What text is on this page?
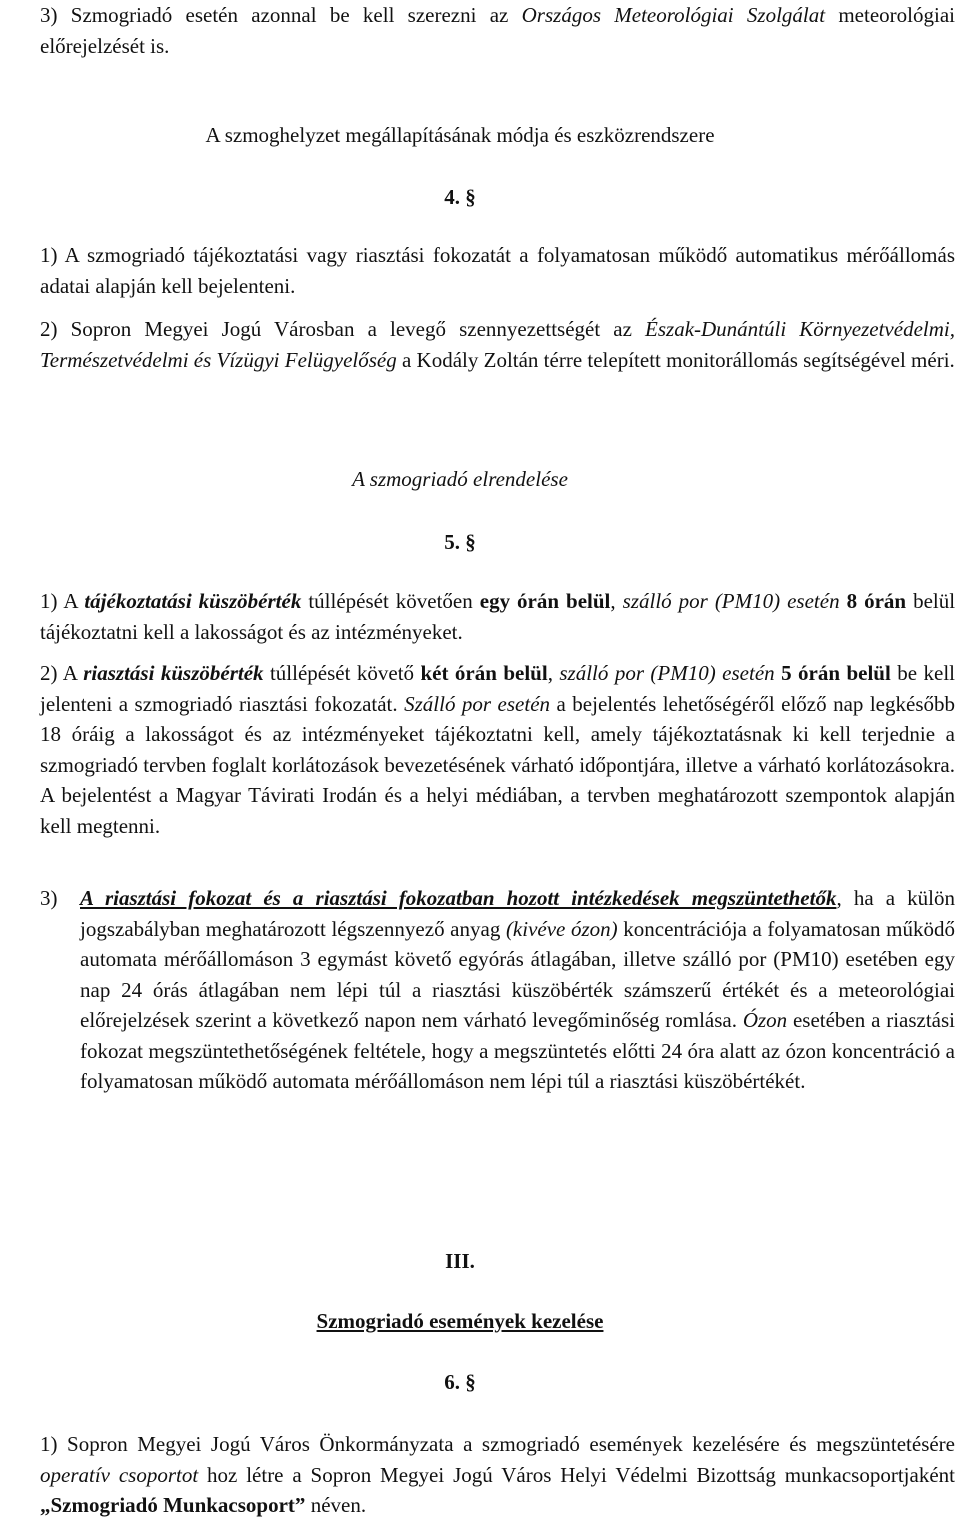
3) Szmogriadó esetén azonnal be kell szerezni az Országos Meteorológiai Szolgálat meteorológiai előrejelzését is.

A szmoghelyzet megállapításának módja és eszközrendszere

4. §

1) A szmogriadó tájékoztatási vagy riasztási fokozatát a folyamatosan működő automatikus mérőállomás adatai alapján kell bejelenteni.

2) Sopron Megyei Jogú Városban a levegő szennyezettségét az Észak-Dunántúli Környezetvédelmi, Természetvédelmi és Vízügyi Felügyelőség a Kodály Zoltán térre telepített monitorállomás segítségével méri.

A szmogriadó elrendelése

5. §

1) A tájékoztatási küszöbérték túllépését követően egy órán belül, szálló por (PM10) esetén 8 órán belül tájékoztatni kell a lakosságot és az intézményeket.

2) A riasztási küszöbérték túllépését követő két órán belül, szálló por (PM10) esetén 5 órán belül be kell jelenteni a szmogriadó riasztási fokozatát. Szálló por esetén a bejelentés lehetőségéről előző nap legkésőbb 18 óráig a lakosságot és az intézményeket tájékoztatni kell, amely tájékoztatásnak ki kell terjednie a szmogriadó tervben foglalt korlátozások bevezetésének várható időpontjára, illetve a várható korlátozásokra. A bejelentést a Magyar Távirati Irodán és a helyi médiában, a tervben meghatározott szempontok alapján kell megtenni.

3) A riasztási fokozat és a riasztási fokozatban hozott intézkedések megszüntethetők, ha a külön jogszabályban meghatározott légszennyező anyag (kivéve ózon) koncentrációja a folyamatosan működő automata mérőállomáson 3 egymást követő egyórás átlagában, illetve szálló por (PM10) esetében egy nap 24 órás átlagában nem lépi túl a riasztási küszöbérték számszerű értékét és a meteorológiai előrejelzések szerint a következő napon nem várható levegőminőség romlása. Ózon esetében a riasztási fokozat megszüntethetőségének feltétele, hogy a megszüntetés előtti 24 óra alatt az ózon koncentráció a folyamatosan működő automata mérőállomáson nem lépi túl a riasztási küszöbértékét.

III.

Szmogriadó események kezelése

6. §

1) Sopron Megyei Jogú Város Önkormányzata a szmogriadó események kezelésére és megszüntetésére operatív csoportot hoz létre a Sopron Megyei Jogú Város Helyi Védelmi Bizottság munkacsoportjaként „Szmogriadó Munkacsoport” néven.
